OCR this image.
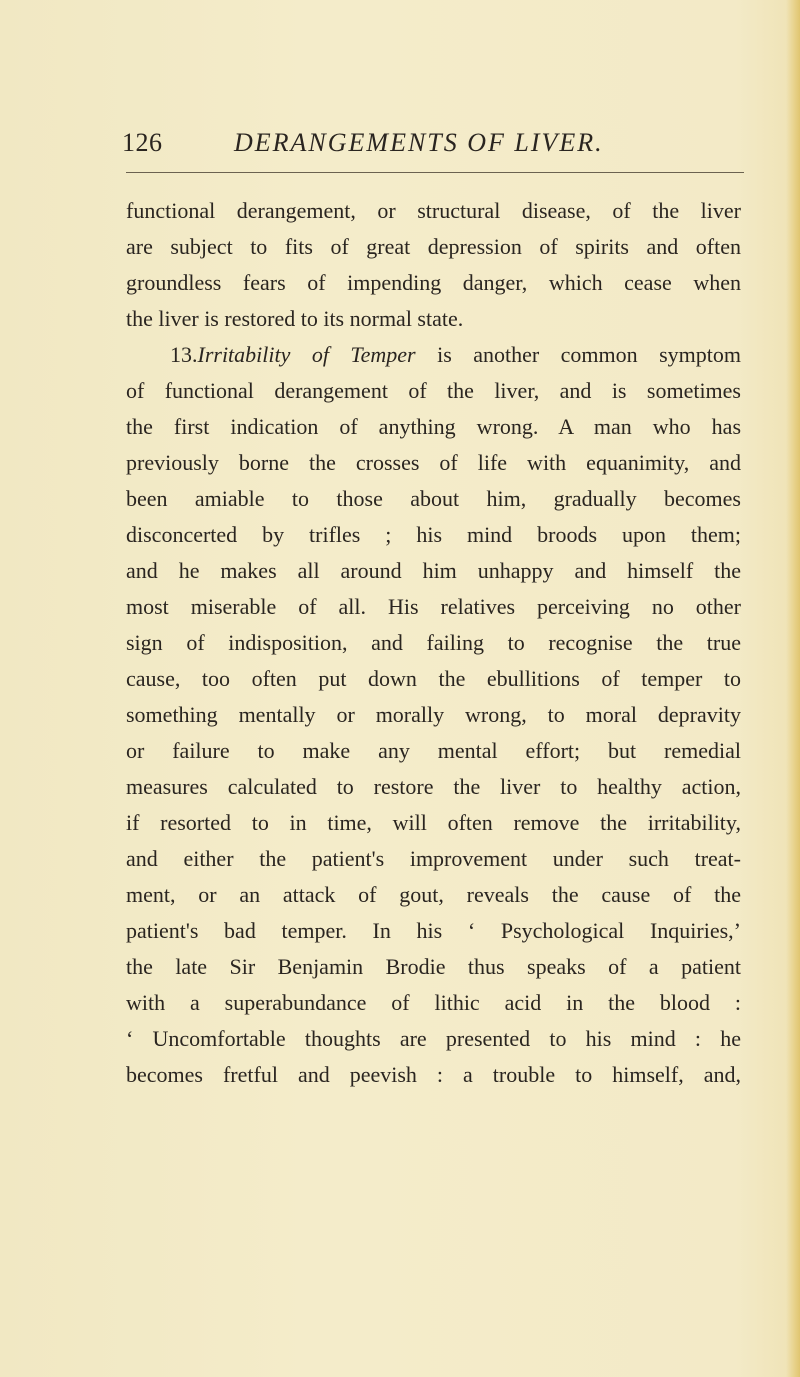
126	DERANGEMENTS OF LIVER.
functional derangement, or structural disease, of the liver
are subject to fits of great depression of spirits and often
groundless fears of impending danger, which cease when
the liver is restored to its normal state.
13.Irritability of Temper is another common symptom
of functional derangement of the liver, and is sometimes
the first indication of anything wrong. A man who has
previously borne the crosses of life with equanimity, and
been amiable to those about him, gradually becomes
disconcerted by trifles ; his mind broods upon them;
and he makes all around him unhappy and himself the
most miserable of all. His relatives perceiving no other
sign of indisposition, and failing to recognise the true
cause, too often put down the ebullitions of temper to
something mentally or morally wrong, to moral depravity
or failure to make any mental effort; but remedial
measures calculated to restore the liver to healthy action,
if resorted to in time, will often remove the irritability,
and either the patient's improvement under such treat-
ment, or an attack of gout, reveals the cause of the
patient's bad temper. In his ‘ Psychological Inquiries,’
the late Sir Benjamin Brodie thus speaks of a patient
with a superabundance of lithic acid in the blood :
‘ Uncomfortable thoughts are presented to his mind : he
becomes fretful and peevish : a trouble to himself, and,
